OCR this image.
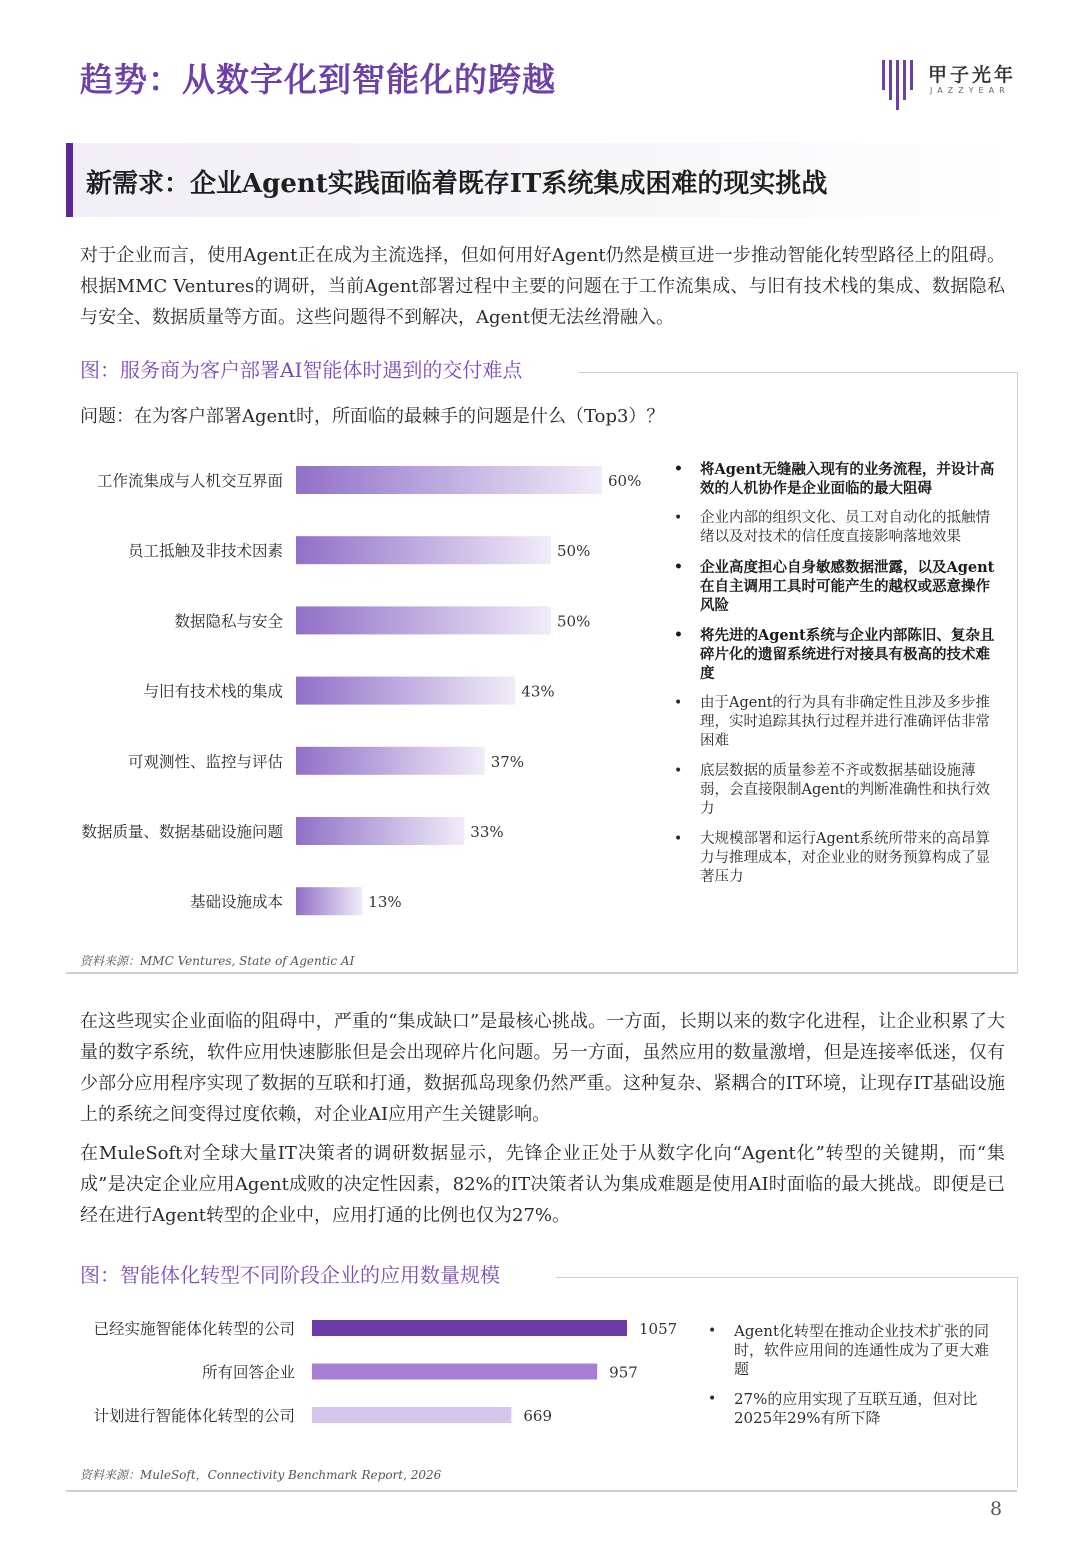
趋势：从数字化到智能化的跨越	甲子光年
JAZZYEAR
新需求：企业Agent实践面临着既存IT系统集成困难的现实挑战

对于企业而言，使用Agent正在成为主流选择，但如何用好Agent仍然是横亘进一步推动智能化转型路径上的阻碍。根据MMC Ventures的调研，当前Agent部署过程中主要的问题在于工作流集成、与旧有技术栈的集成、数据隐私与安全、数据质量等方面。这些问题得不到解决，Agent便无法丝滑融入。

图：服务商为客户部署AI智能体时遇到的交付难点
问题：在为客户部署Agent时，所面临的最棘手的问题是什么（Top3）？
工作流集成与人机交互界面	60%
员工抵触及非技术因素	50%
数据隐私与安全	50%
与旧有技术栈的集成	43%
可观测性、监控与评估	37%
数据质量、数据基础设施问题	33%
基础设施成本	13%
• 将Agent无缝融入现有的业务流程，并设计高效的人机协作是企业面临的最大阻碍
• 企业内部的组织文化、员工对自动化的抵触情绪以及对技术的信任度直接影响落地效果
• 企业高度担心自身敏感数据泄露，以及Agent在自主调用工具时可能产生的越权或恶意操作风险
• 将先进的Agent系统与企业内部陈旧、复杂且碎片化的遗留系统进行对接具有极高的技术难度
• 由于Agent的行为具有非确定性且涉及多步推理，实时追踪其执行过程并进行准确评估非常困难
• 底层数据的质量参差不齐或数据基础设施薄弱，会直接限制Agent的判断准确性和执行效力
• 大规模部署和运行Agent系统所带来的高昂算力与推理成本，对企业业的财务预算构成了显著压力
资料来源：MMC Ventures, State of Agentic AI

在这些现实企业面临的阻碍中，严重的“集成缺口”是最核心挑战。一方面，长期以来的数字化进程，让企业积累了大量的数字系统，软件应用快速膨胀但是会出现碎片化问题。另一方面，虽然应用的数量激增，但是连接率低迷，仅有少部分应用程序实现了数据的互联和打通，数据孤岛现象仍然严重。这种复杂、紧耦合的IT环境，让现存IT基础设施上的系统之间变得过度依赖，对企业AI应用产生关键影响。

在MuleSoft对全球大量IT决策者的调研数据显示，先锋企业正处于从数字化向“Agent化”转型的关键期，而“集成”是决定企业应用Agent成败的决定性因素，82%的IT决策者认为集成难题是使用AI时面临的最大挑战。即便是已经在进行Agent转型的企业中，应用打通的比例也仅为27%。

图：智能体化转型不同阶段企业的应用数量规模
已经实施智能体化转型的公司	1057
所有回答企业	957
计划进行智能体化转型的公司	669
• Agent化转型在推动企业技术扩张的同时，软件应用间的连通性成为了更大难题
• 27%的应用实现了互联互通，但对比2025年29%有所下降
资料来源：MuleSoft，Connectivity Benchmark Report, 2026
8
